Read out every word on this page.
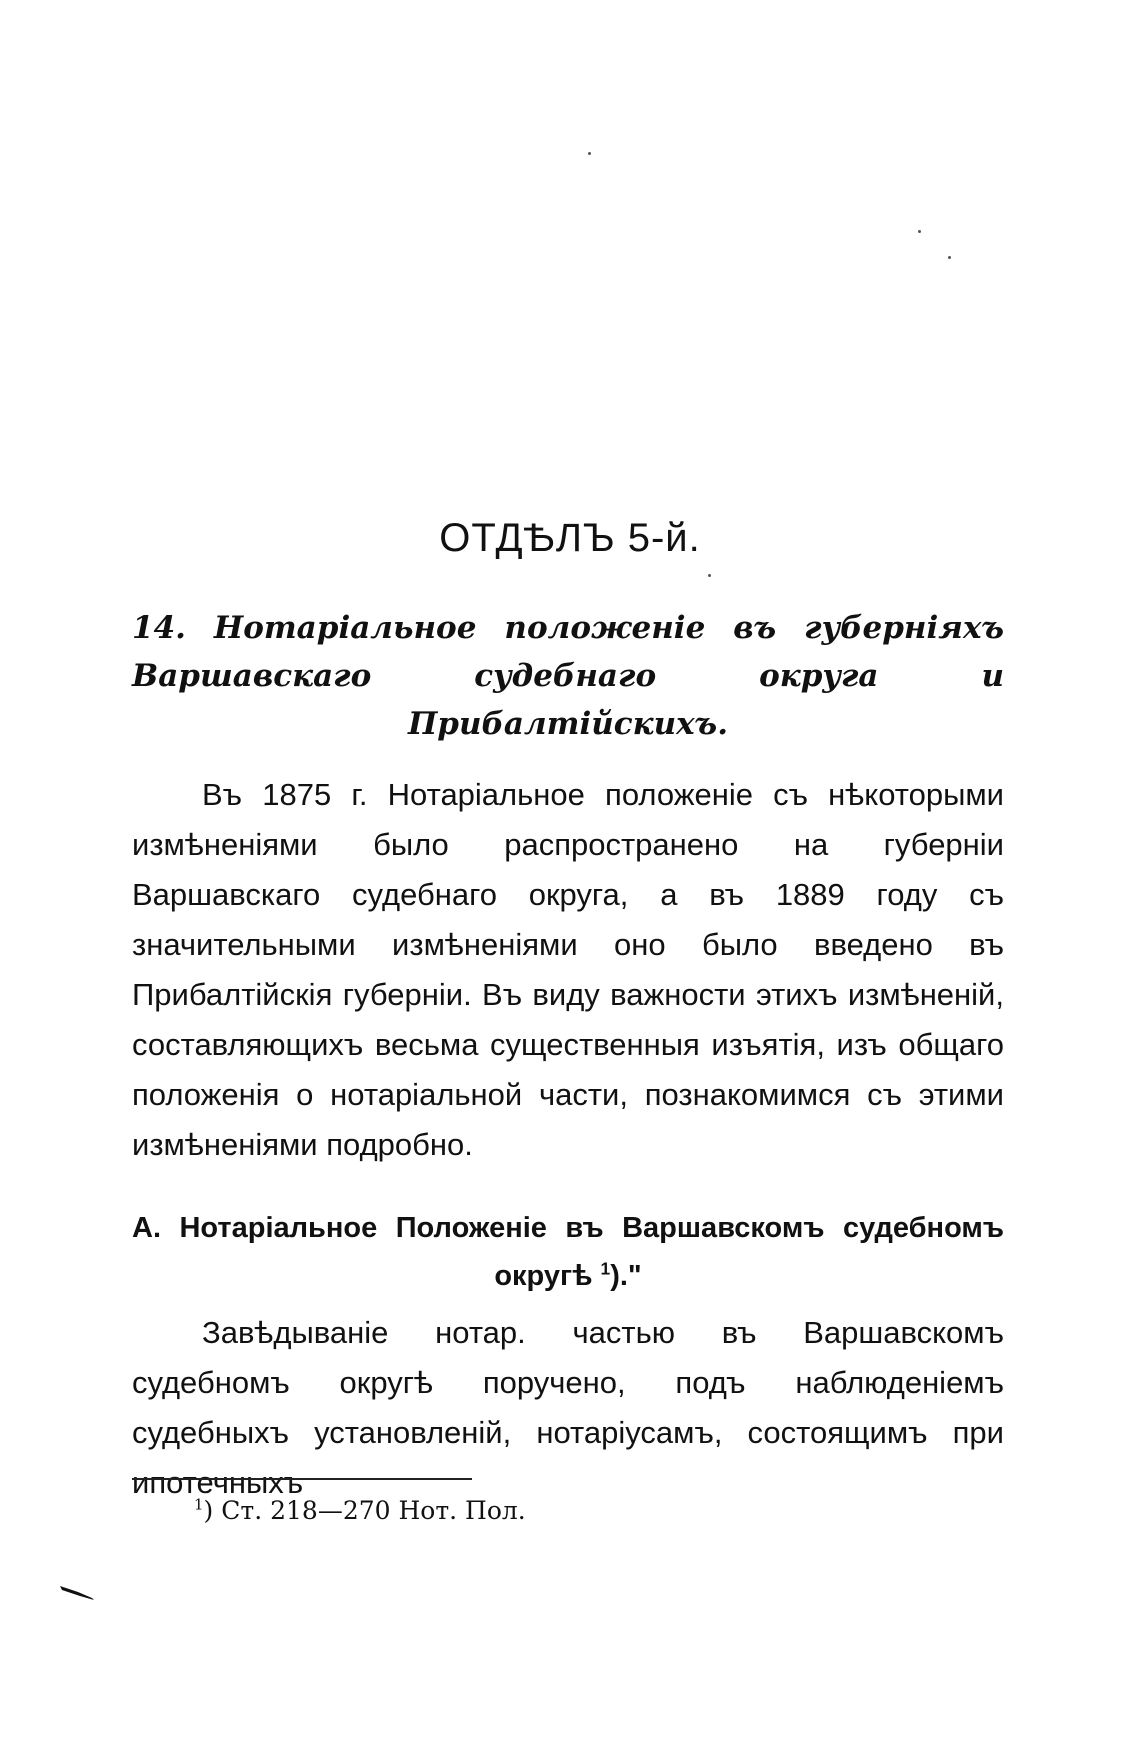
ОТДѢЛЪ 5-й.
14. Нотаріальное положеніе въ губерніяхъ Варшавскаго судебнаго округа и Прибалтійскихъ.

Въ 1875 г. Нотаріальное положеніе съ нѣкоторыми измѣненіями было распространено на губерніи Варшавскаго судебнаго округа, а въ 1889 году съ значительными измѣненіями оно было введено въ Прибалтійскія губерніи. Въ виду важности этихъ измѣненій, составляющихъ весьма существенныя изъятія, изъ общаго положенія о нотаріальной части, познакомимся съ этими измѣненіями подробно.

А. Нотаріальное Положеніе въ Варшавскомъ судебномъ округѣ $^1$)."

Завѣдываніе нотар. частью въ Варшавскомъ судебномъ округѣ поручено, подъ наблюденіемъ судебныхъ установленій, нотаріусамъ, состоящимъ при ипотечныхъ

$^1$) Ст. 218—270 Нот. Пол.
